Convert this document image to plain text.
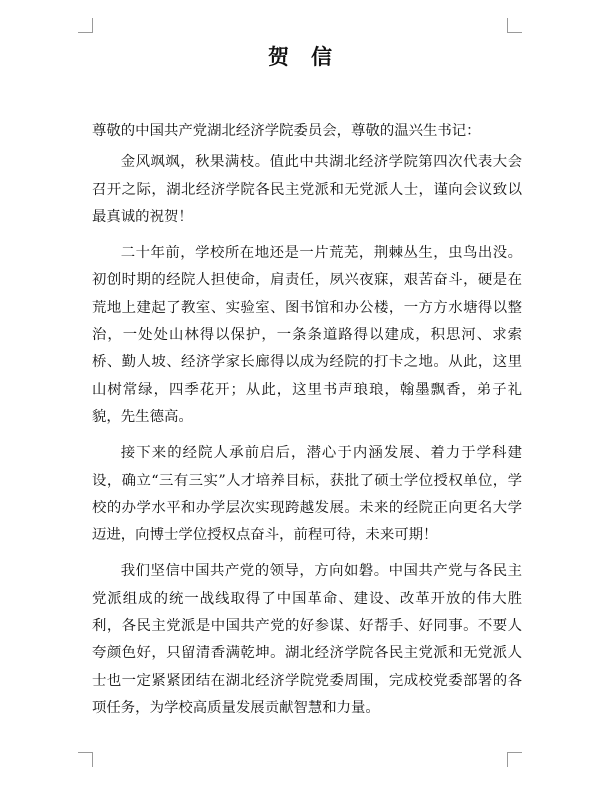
贺信

尊敬的中国共产党湖北经济学院委员会，尊敬的温兴生书记：

金风飒飒，秋果满枝。值此中共湖北经济学院第四次代表大会召开之际，湖北经济学院各民主党派和无党派人士，谨向会议致以最真诚的祝贺！

二十年前，学校所在地还是一片荒芜，荆棘丛生，虫鸟出没。初创时期的经院人担使命，肩责任，夙兴夜寐，艰苦奋斗，硬是在荒地上建起了教室、实验室、图书馆和办公楼，一方方水塘得以整治，一处处山林得以保护，一条条道路得以建成，积思河、求索桥、勤人坡、经济学家长廊得以成为经院的打卡之地。从此，这里山树常绿，四季花开；从此，这里书声琅琅，翰墨飘香，弟子礼貌，先生德高。

接下来的经院人承前启后，潜心于内涵发展、着力于学科建设，确立“三有三实”人才培养目标，获批了硕士学位授权单位，学校的办学水平和办学层次实现跨越发展。未来的经院正向更名大学迈进，向博士学位授权点奋斗，前程可待，未来可期！

我们坚信中国共产党的领导，方向如磐。中国共产党与各民主党派组成的统一战线取得了中国革命、建设、改革开放的伟大胜利，各民主党派是中国共产党的好参谋、好帮手、好同事。不要人夸颜色好，只留清香满乾坤。湖北经济学院各民主党派和无党派人士也一定紧紧团结在湖北经济学院党委周围，完成校党委部署的各项任务，为学校高质量发展贡献智慧和力量。
